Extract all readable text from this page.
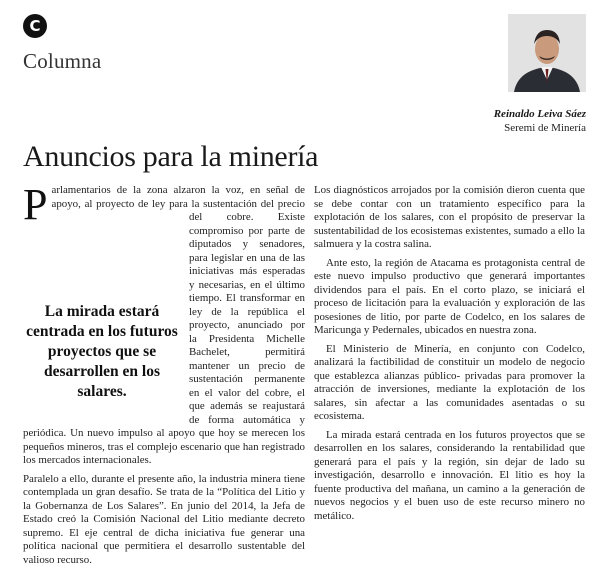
C
Columna
Reinaldo Leiva Sáez
Seremi de Minería
Anuncios para la minería

P arlamentarios de la zona alzaron la voz, en señal de apoyo, al proyecto de ley para la sustentación del precio del cobre. Existe compromiso por parte de diputados y senadores, para legislar en una de las iniciativas más esperadas y necesarias, en el último tiempo. El transformar en ley de la república el proyecto, anunciado por la Presidenta Michelle Bachelet, permitirá mantener un precio de sustentación permanente en el valor del cobre, el que además se reajustará de forma automática y periódica. Un nuevo impulso al apoyo que hoy se merecen los pequeños mineros, tras el complejo escenario que han registrado los mercados internacionales.

Paralelo a ello, durante el presente año, la industria minera tiene contemplada un gran desafío. Se trata de la “Política del Litio y la Gobernanza de Los Salares”. En junio del 2014, la Jefa de Estado creó la Comisión Nacional del Litio mediante decreto supremo. El eje central de dicha iniciativa fue generar una política nacional que permitiera el desarrollo sustentable del valioso recurso.

Los diagnósticos arrojados por la comisión dieron cuenta que se debe contar con un tratamiento específico para la explotación de los salares, con el propósito de preservar la sustentabilidad de los ecosistemas existentes, sumado a ello la salmuera y la costra salina.

Ante esto, la región de Atacama es protagonista central de este nuevo impulso productivo que generará importantes dividendos para el país. En el corto plazo, se iniciará el proceso de licitación para la evaluación y exploración de las posesiones de litio, por parte de Codelco, en los salares de Maricunga y Pedernales, ubicados en nuestra zona.

El Ministerio de Minería, en conjunto con Codelco, analizará la factibilidad de constituir un modelo de negocio que establezca alianzas público- privadas para promover la atracción de inversiones, mediante la explotación de los salares, sin afectar a las comunidades asentadas o su ecosistema.

La mirada estará centrada en los futuros proyectos que se desarrollen en los salares, considerando la rentabilidad que generará para el país y la región, sin dejar de lado su investigación, desarrollo e innovación. El litio es hoy la fuente productiva del mañana, un camino a la generación de nuevos negocios y el buen uso de este recurso minero no metálico.

La mirada estará centrada en los futuros proyectos que se desarrollen en los salares.
